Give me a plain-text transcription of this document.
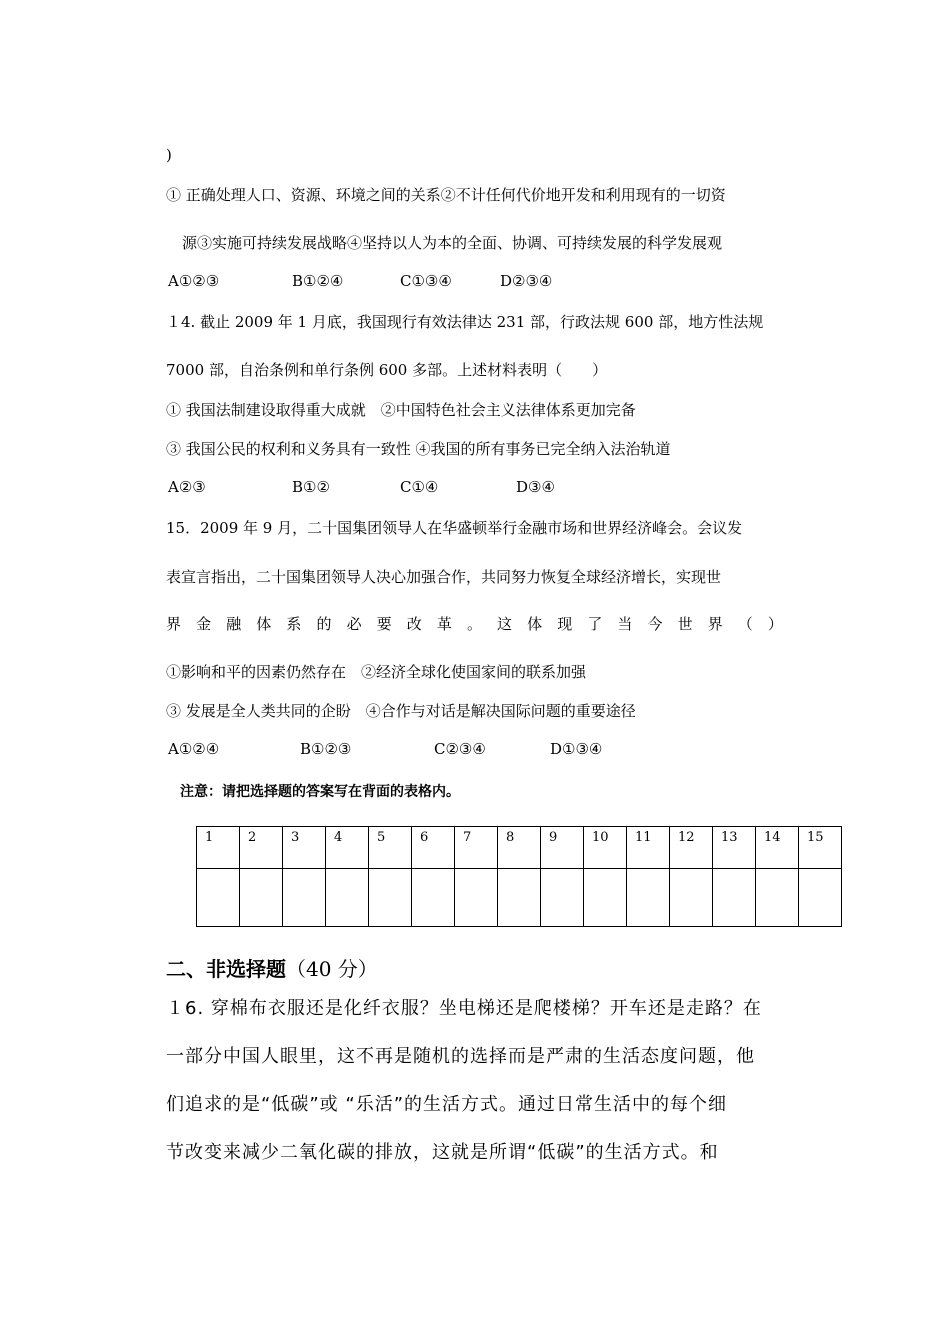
)
① 正确处理人口、资源、环境之间的关系②不计任何代价地开发和利用现有的一切资
源③实施可持续发展战略④坚持以人为本的全面、协调、可持续发展的科学发展观
A①②③	B①②④	C①③④	D②③④
１4. 截止 2009 年 1 月底，我国现行有效法律达 231 部，行政法规 600 部，地方性法规
7000 部，自治条例和单行条例 600 多部。上述材料表明（　　）
① 我国法制建设取得重大成就　②中国特色社会主义法律体系更加完备
③ 我国公民的权利和义务具有一致性 ④我国的所有事务已完全纳入法治轨道
A②③	B①②	C①④	D③④
15．2009 年 9 月，二十国集团领导人在华盛顿举行金融市场和世界经济峰会。会议发
表宣言指出，二十国集团领导人决心加强合作，共同努力恢复全球经济增长，实现世
界 金 融 体 系 的 必 要 改 革 。 这 体 现 了 当 今 世 界 （ ）
①影响和平的因素仍然存在　②经济全球化使国家间的联系加强
③ 发展是全人类共同的企盼　④合作与对话是解决国际问题的重要途径
A①②④	B①②③	C②③④	D①③④
注意：请把选择题的答案写在背面的表格内。
1	2	3	4	5	6	7	8	9	10	11	12	13	14	15

二、非选择题（40 分）
１6. 穿棉布衣服还是化纤衣服？坐电梯还是爬楼梯？开车还是走路？在
一部分中国人眼里，这不再是随机的选择而是严肃的生活态度问题，他
们追求的是“低碳”或 “乐活”的生活方式。通过日常生活中的每个细
节改变来减少二氧化碳的排放，这就是所谓“低碳”的生活方式。和
